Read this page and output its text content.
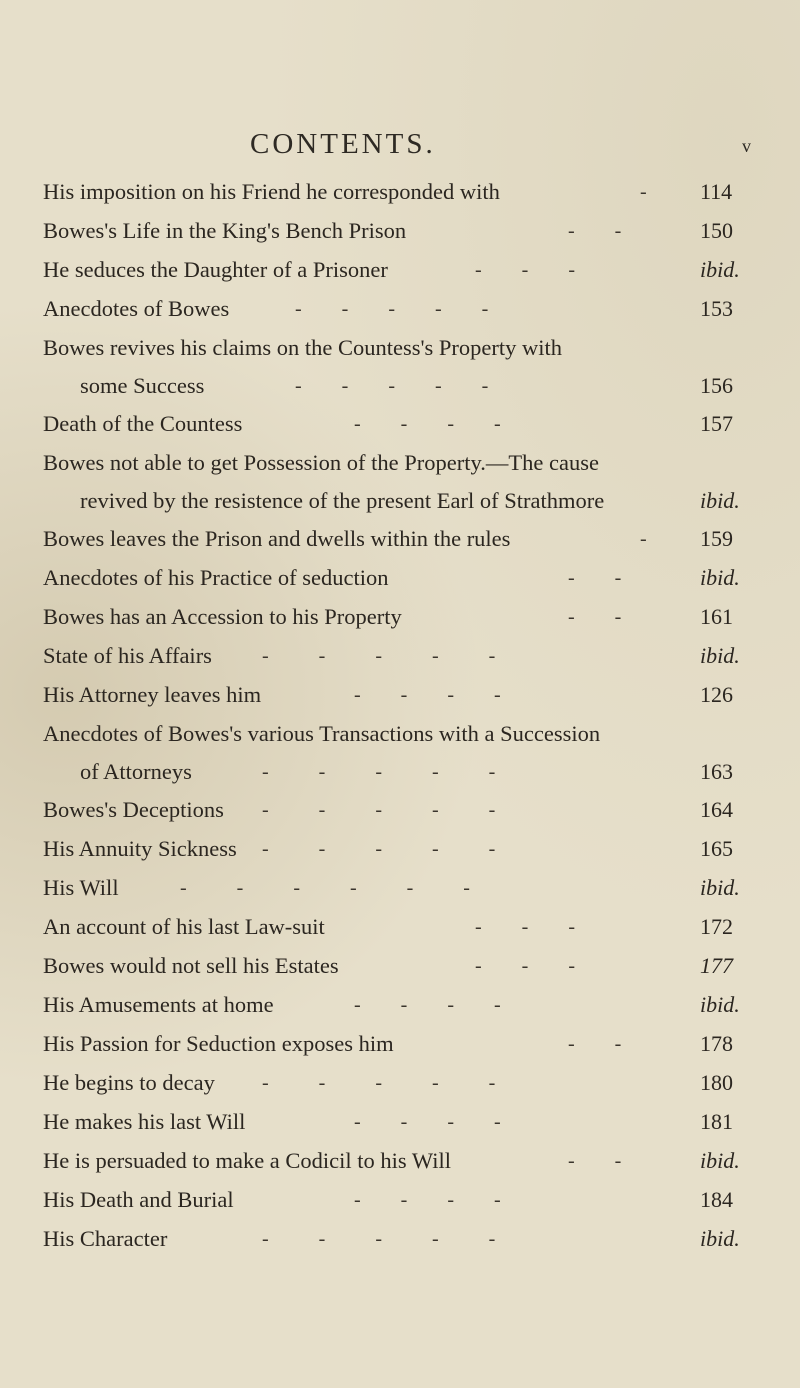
CONTENTS.	v
His imposition on his Friend he corresponded with	- 114
Bowes's Life in the King's Bench Prison	-        -	150
He seduces the Daughter of a Prisoner	-        -        -	ibid.
Anecdotes of Bowes	-        -        -        -        -	153
Bowes revives his claims on the Countess's Property with
some Success	-        -        -        -        -	156
Death of the Countess	-        -        -        -	157
Bowes not able to get Possession of the Property.—The cause
revived by the resistence of the present Earl of Strathmore	ibid.
Bowes leaves the Prison and dwells within the rules	- 159
Anecdotes of his Practice of seduction	-        -	ibid.
Bowes has an Accession to his Property	-        -	161
State of his Affairs	-          -          -          -          -	ibid.
His Attorney leaves him	-        -        -        -	126
Anecdotes of Bowes's various Transactions with a Succession
of Attorneys	-          -          -          -          -	163
Bowes's Deceptions -          -          -          -          -	164
His Annuity Sickness -          -          -          -          -	165
His Will	-          -          -          -          -          -	ibid.
An account of his last Law-suit	-        -        -	172
Bowes would not sell his Estates	-        -        -	177
His Amusements at home	-        -        -        -	ibid.
His Passion for Seduction exposes him	-        -	178
He begins to decay -          -          -          -          -	180
He makes his last Will	-        -        -        -	181
He is persuaded to make a Codicil to his Will	-        -	ibid.
His Death and Burial	-        -        -        -	184
His Character	-          -          -          -          -	ibid.
